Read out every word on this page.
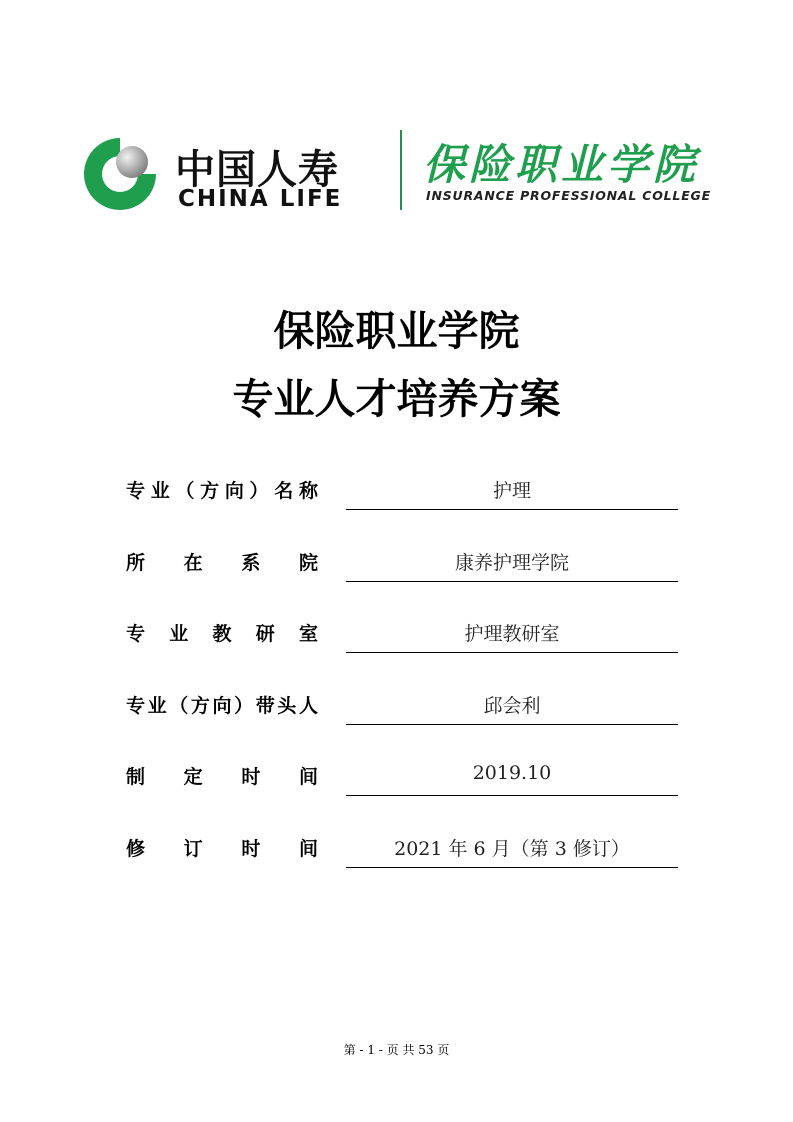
中国人寿
CHINA LIFE
保险职业学院
INSURANCE PROFESSIONAL COLLEGE
保险职业学院
专业人才培养方案
专业（方向）名称	护理
所在系院	康养护理学院
专业教研室	护理教研室
专业（方向）带头人	邱会利
制定时间	2019.10
修订时间	2021 年 6 月（第 3 修订）
第 - 1 - 页 共 53 页
